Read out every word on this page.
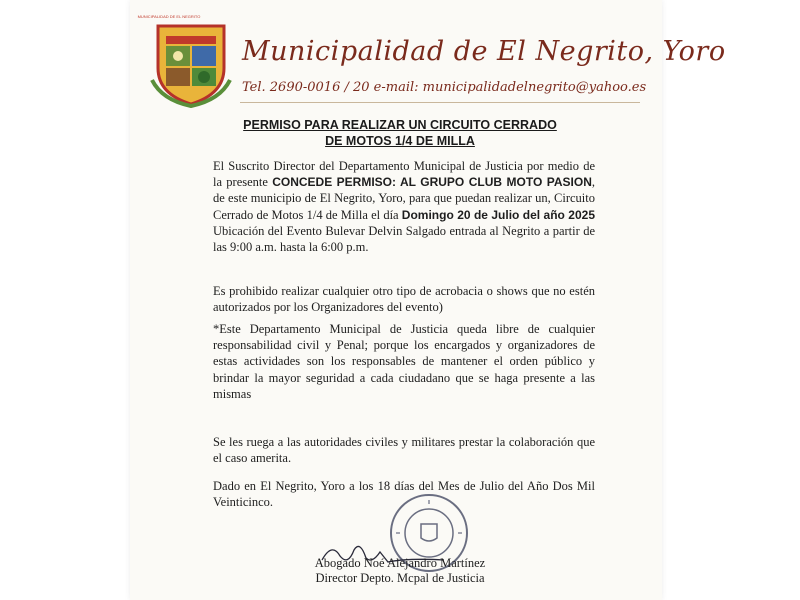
MUNICIPALIDAD DE EL NEGRITO
Municipalidad de El Negrito, Yoro
Tel. 2690-0016 / 20 e-mail: municipalidadelnegrito@yahoo.es
PERMISO PARA REALIZAR UN CIRCUITO CERRADO
DE MOTOS 1/4 DE MILLA

El Suscrito Director del Departamento Municipal de Justicia por medio de la presente CONCEDE PERMISO: AL GRUPO CLUB MOTO PASION, de este municipio de El Negrito, Yoro, para que puedan realizar un, Circuito Cerrado de Motos 1/4 de Milla el día Domingo 20 de Julio del año 2025 Ubicación del Evento Bulevar Delvin Salgado entrada al Negrito a partir de las 9:00 a.m. hasta la 6:00 p.m.

Es prohibido realizar cualquier otro tipo de acrobacia o shows que no estén autorizados por los Organizadores del evento)

*Este Departamento Municipal de Justicia queda libre de cualquier responsabilidad civil y Penal; porque los encargados y organizadores de estas actividades son los responsables de mantener el orden público y brindar la mayor seguridad a cada ciudadano que se haga presente a las mismas

Se les ruega a las autoridades civiles y militares prestar la colaboración que el caso amerita.

Dado en El Negrito, Yoro a los 18 días del Mes de Julio del Año Dos Mil Veinticinco.

Abogado Noé Alejandro Martínez
Director Depto. Mcpal de Justicia
